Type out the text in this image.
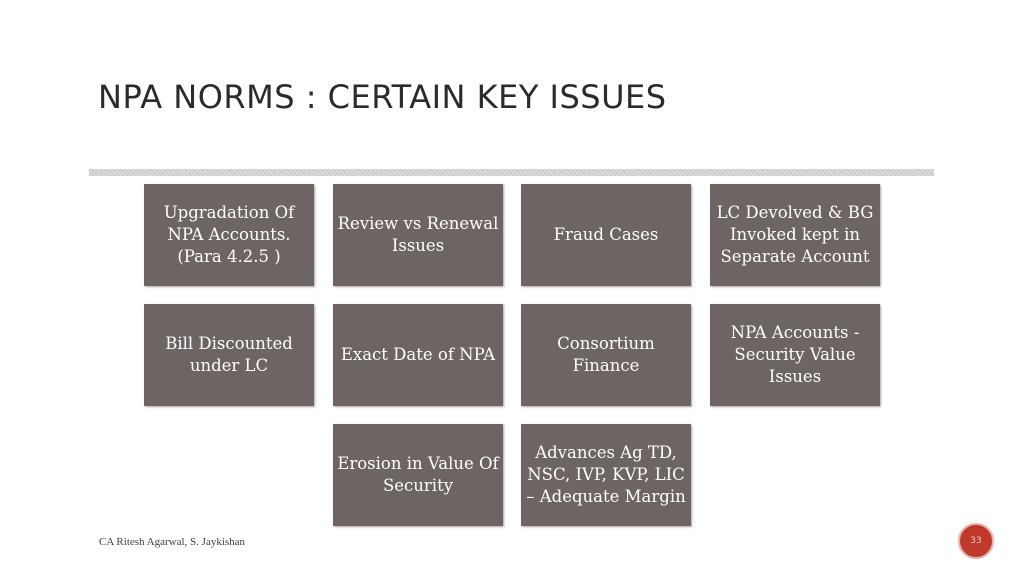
NPA NORMS : CERTAIN KEY ISSUES
Upgradation Of NPA Accounts. (Para 4.2.5 )
Review vs Renewal Issues
Fraud Cases
LC Devolved & BG Invoked kept in Separate Account
Bill Discounted under LC
Exact Date of NPA
Consortium Finance
NPA Accounts - Security Value Issues
Erosion in Value Of Security
Advances Ag TD, NSC, IVP, KVP, LIC – Adequate Margin
CA Ritesh Agarwal, S. Jaykishan	33
